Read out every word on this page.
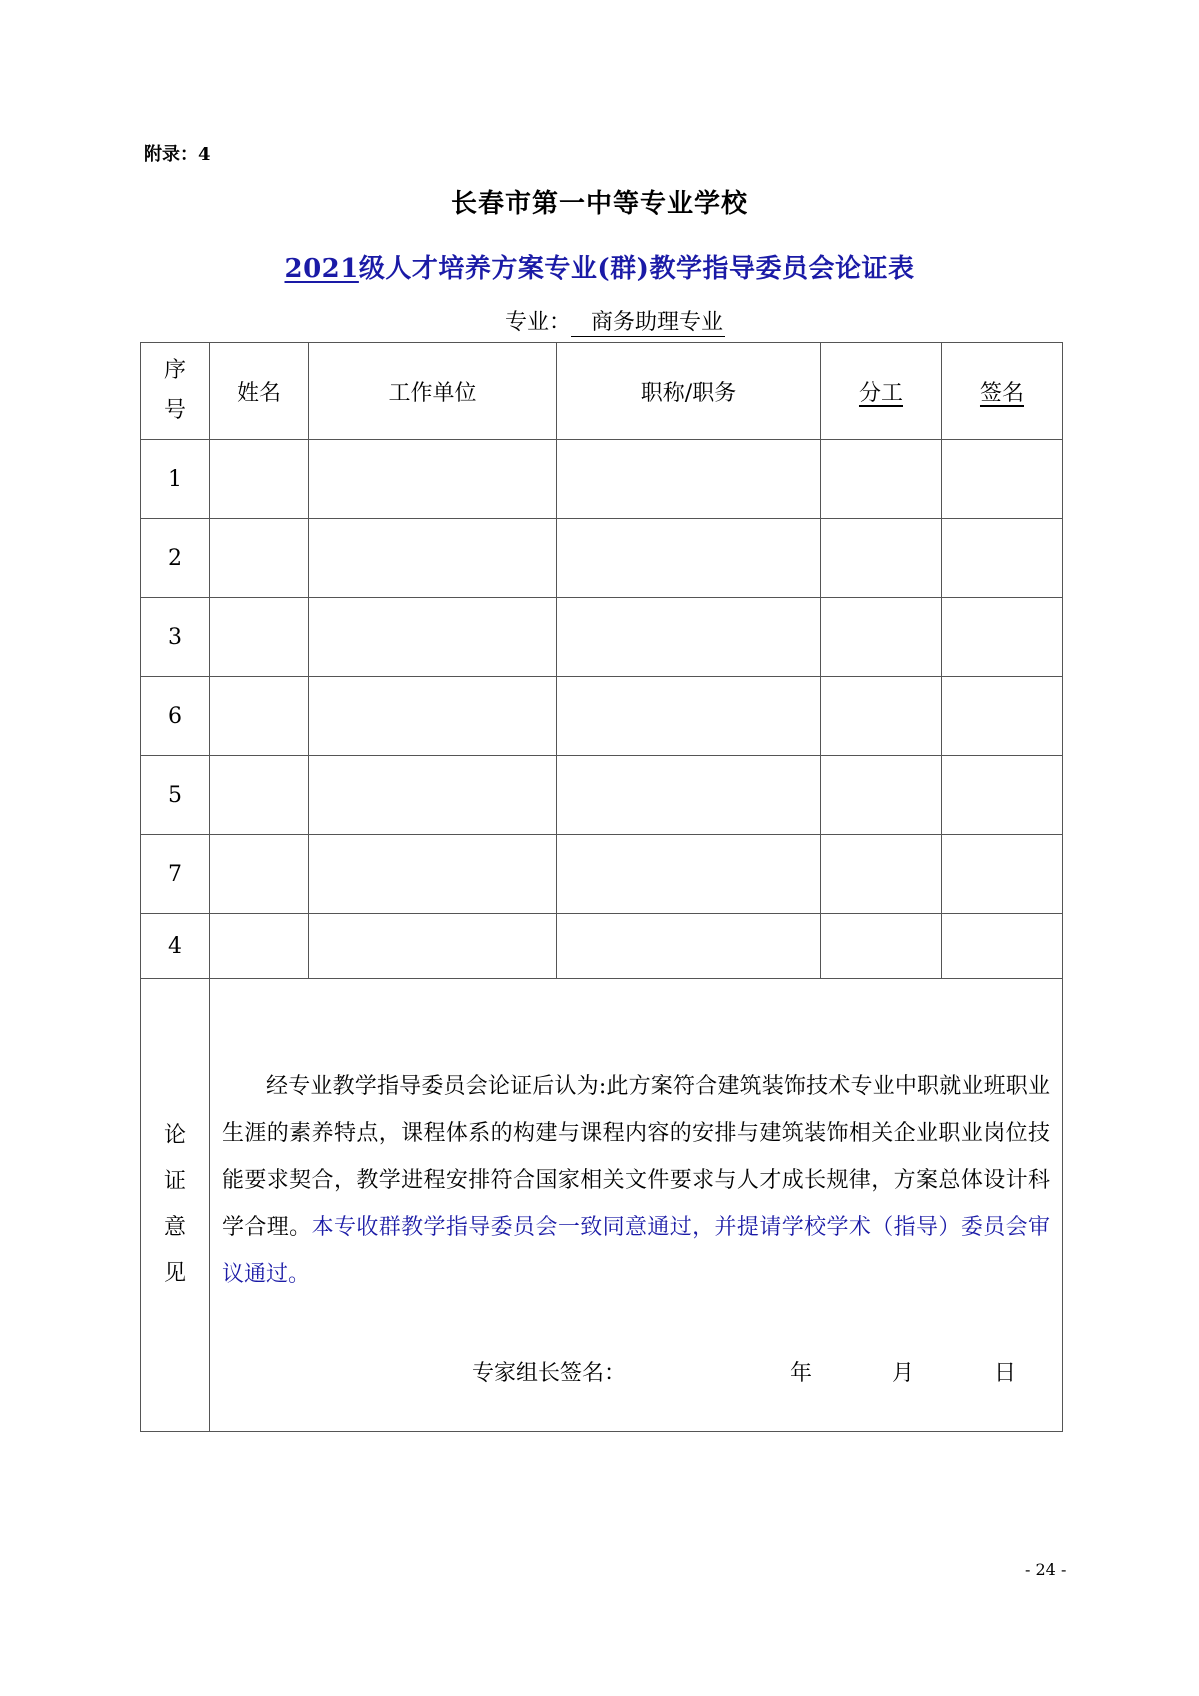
附录：4
长春市第一中等专业学校
2021级人才培养方案专业(群)教学指导委员会论证表
专业： 商务助理专业
序号	姓名	工作单位	职称/职务	分工	签名
1					
2					
3					
6					
5					
7					
4					
论证意见	经专业教学指导委员会论证后认为:此方案符合建筑装饰技术专业中职就业班职业生涯的素养特点，课程体系的构建与课程内容的安排与建筑装饰相关企业职业岗位技能要求契合，教学进程安排符合国家相关文件要求与人才成长规律，方案总体设计科学合理。本专收群教学指导委员会一致同意通过，并提请学校学术（指导）委员会审议通过。
专家组长签名： 年 月 日				
- 24 -
